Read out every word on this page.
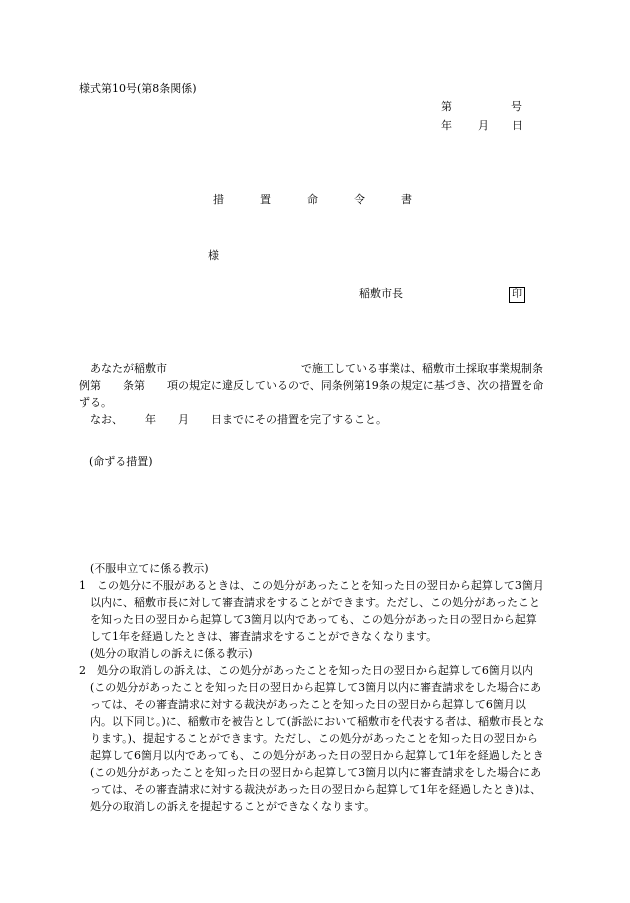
様式第10号(第8条関係)
第	号
年 月 日
措	置	命	令	書
様
稲敷市長	印

あなたが稲敷市	で施工している事業は、稲敷市土採取事業規制条例第 条第 項の規定に違反しているので、同条例第19条の規定に基づき、次の措置を命ずる。

なお、 年 月 日までにその措置を完了すること。

(命ずる措置)

(不服申立てに係る教示)

1　この処分に不服があるときは、この処分があったことを知った日の翌日から起算して3箇月以内に、稲敷市長に対して審査請求をすることができます。ただし、この処分があったことを知った日の翌日から起算して3箇月以内であっても、この処分があった日の翌日から起算して1年を経過したときは、審査請求をすることができなくなります。

(処分の取消しの訴えに係る教示)

2　処分の取消しの訴えは、この処分があったことを知った日の翌日から起算して6箇月以内(この処分があったことを知った日の翌日から起算して3箇月以内に審査請求をした場合にあっては、その審査請求に対する裁決があったことを知った日の翌日から起算して6箇月以内。以下同じ。)に、稲敷市を被告として(訴訟において稲敷市を代表する者は、稲敷市長となります。)、提起することができます。ただし、この処分があったことを知った日の翌日から起算して6箇月以内であっても、この処分があった日の翌日から起算して1年を経過したとき(この処分があったことを知った日の翌日から起算して3箇月以内に審査請求をした場合にあっては、その審査請求に対する裁決があった日の翌日から起算して1年を経過したとき)は、処分の取消しの訴えを提起することができなくなります。
